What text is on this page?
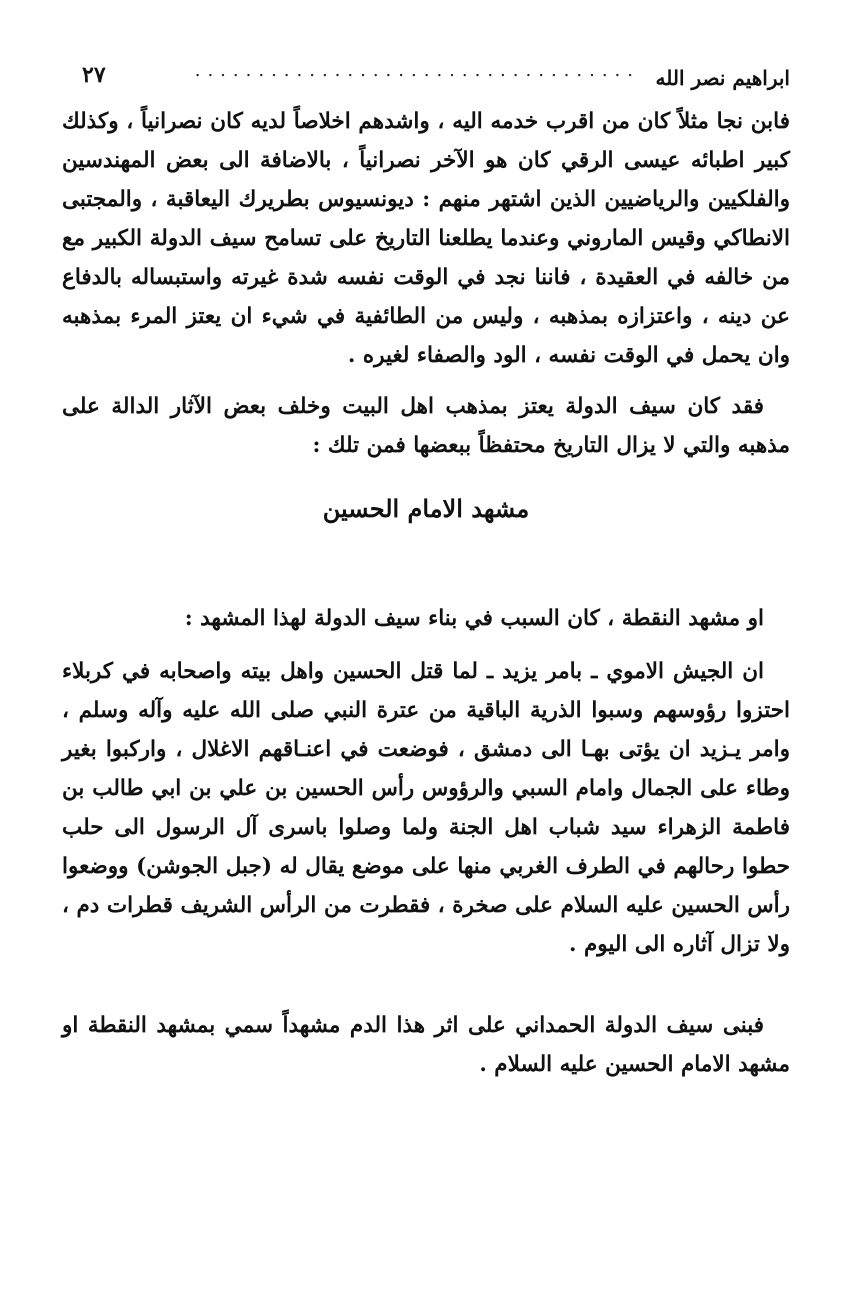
ابراهيم نصر الله
...................................
٢٧

فابن نجا مثلاً كان من اقرب خدمه اليه ، واشدهم اخلاصاً لديه كان نصرانياً ، وكذلك كبير اطبائه عيسى الرقي كان هو الآخر نصرانياً ، بالاضافة الى بعض المهندسين والفلكيين والرياضيين الذين اشتهر منهم : ديونسيوس بطريرك اليعاقبة ، والمجتبى الانطاكي وقيس الماروني وعندما يطلعنا التاريخ على تسامح سيف الدولة الكبير مع من خالفه في العقيدة ، فاننا نجد في الوقت نفسه شدة غيرته واستبساله بالدفاع عن دينه ، واعتزازه بمذهبه ، وليس من الطائفية في شيء ان يعتز المرء بمذهبه وان يحمل في الوقت نفسه ، الود والصفاء لغيره .

فقد كان سيف الدولة يعتز بمذهب اهل البيت وخلف بعض الآثار الدالة على مذهبه والتي لا يزال التاريخ محتفظاً ببعضها فمن تلك :

مشهد الامام الحسين

او مشهد النقطة ، كان السبب في بناء سيف الدولة لهذا المشهد :

ان الجيش الاموي ـ بامر يزيد ـ لما قتل الحسين واهل بيته واصحابه في كربلاء احتزوا رؤوسهم وسبوا الذرية الباقية من عترة النبي صلى الله عليه وآله وسلم ، وامر يـزيد ان يؤتى بهـا الى دمشق ، فوضعت في اعنـاقهم الاغلال ، واركبوا بغير وطاء على الجمال وامام السبي والرؤوس رأس الحسين بن علي بن ابي طالب بن فاطمة الزهراء سيد شباب اهل الجنة ولما وصلوا باسرى آل الرسول الى حلب حطوا رحالهم في الطرف الغربي منها على موضع يقال له (جبل الجوشن) ووضعوا رأس الحسين عليه السلام على صخرة ، فقطرت من الرأس الشريف قطرات دم ، ولا تزال آثاره الى اليوم .

فبنى سيف الدولة الحمداني على اثر هذا الدم مشهداً سمي بمشهد النقطة او مشهد الامام الحسين عليه السلام .
